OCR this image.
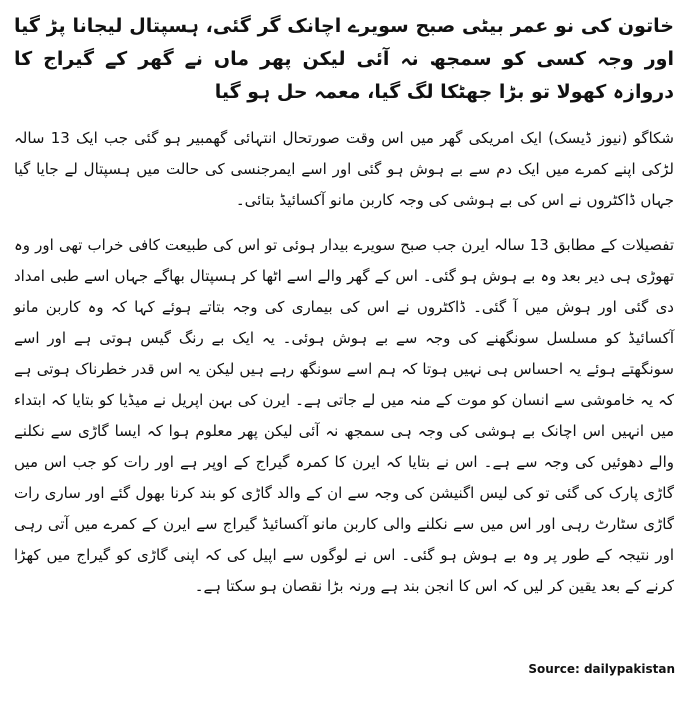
خاتون کی نو عمر بیٹی صبح سویرے اچانک گر گئی، ہسپتال لیجانا پڑ گیا اور وجہ کسی کو سمجھ نہ آئی لیکن پھر ماں نے گھر کے گیراج کا دروازہ کھولا تو بڑا جھٹکا لگ گیا، معمہ حل ہو گیا

شکاگو (نیوز ڈیسک) ایک امریکی گھر میں اس وقت صورتحال انتہائی گھمبیر ہو گئی جب ایک 13 سالہ لڑکی اپنے کمرے میں ایک دم سے بے ہوش ہو گئی اور اسے ایمرجنسی کی حالت میں ہسپتال لے جایا گیا جہاں ڈاکٹروں نے اس کی بے ہوشی کی وجہ کاربن مانو آکسائیڈ بتائی۔

تفصیلات کے مطابق 13 سالہ ایرن جب صبح سویرے بیدار ہوئی تو اس کی طبیعت کافی خراب تھی اور وہ تھوڑی ہی دیر بعد وہ بے ہوش ہو گئی۔ اس کے گھر والے اسے اٹھا کر ہسپتال بھاگے جہاں اسے طبی امداد دی گئی اور ہوش میں آ گئی۔ ڈاکٹروں نے اس کی بیماری کی وجہ بتاتے ہوئے کہا کہ وہ کاربن مانو آکسائیڈ کو مسلسل سونگھنے کی وجہ سے بے ہوش ہوئی۔ یہ ایک بے رنگ گیس ہوتی ہے اور اسے سونگھتے ہوئے یہ احساس ہی نہیں ہوتا کہ ہم اسے سونگھ رہے ہیں لیکن یہ اس قدر خطرناک ہوتی ہے کہ یہ خاموشی سے انسان کو موت کے منہ میں لے جاتی ہے۔ ایرن کی بہن اپریل نے میڈیا کو بتایا کہ ابتداء میں انہیں اس اچانک بے ہوشی کی وجہ ہی سمجھ نہ آئی لیکن پھر معلوم ہوا کہ ایسا گاڑی سے نکلنے والے دھوئیں کی وجہ سے ہے۔ اس نے بتایا کہ ایرن کا کمرہ گیراج کے اوپر ہے اور رات کو جب اس میں گاڑی پارک کی گئی تو کی لیس اگنیشن کی وجہ سے ان کے والد گاڑی کو بند کرنا بھول گئے اور ساری رات گاڑی سٹارٹ رہی اور اس میں سے نکلنے والی کاربن مانو آکسائیڈ گیراج سے ایرن کے کمرے میں آتی رہی اور نتیجہ کے طور پر وہ بے ہوش ہو گئی۔ اس نے لوگوں سے اپیل کی کہ اپنی گاڑی کو گیراج میں کھڑا کرنے کے بعد یقین کر لیں کہ اس کا انجن بند ہے ورنہ بڑا نقصان ہو سکتا ہے۔

Source: dailypakistan
